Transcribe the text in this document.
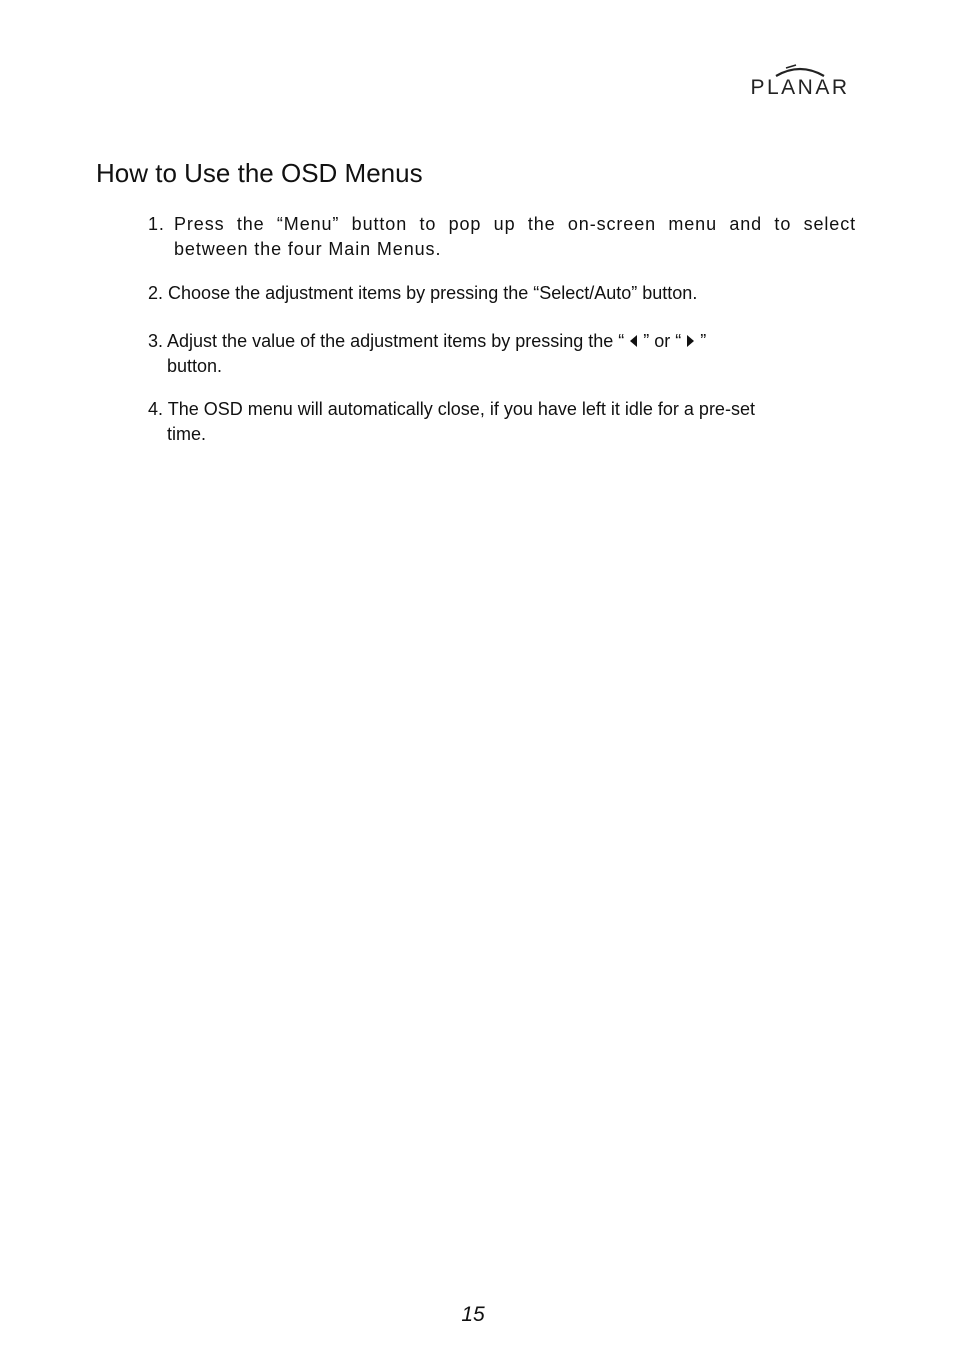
PLANAR
How to Use the OSD Menus
1. Press the “Menu” button to pop up the on-screen menu and to select between the four Main Menus.
2. Choose the adjustment items by pressing the “Select/Auto” button.
3. Adjust the value of the adjustment items by pressing the “ ” or “ ”
button.
4. The OSD menu will automatically close, if you have left it idle for a pre-set
time.
15
